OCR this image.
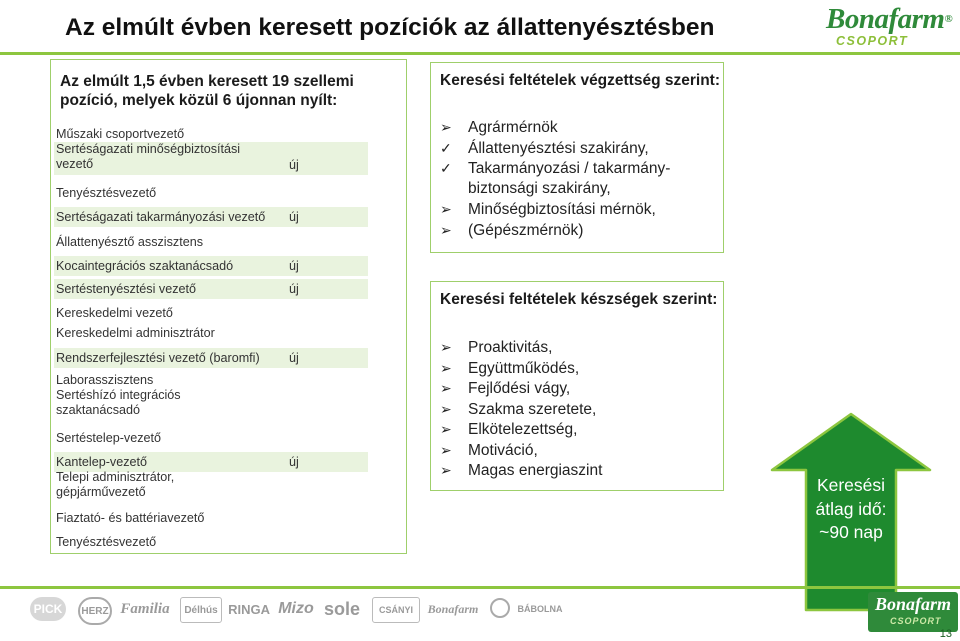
Az elmúlt évben keresett pozíciók az állattenyésztésben	Bonafarm®
CSOPORT
Az elmúlt 1,5 évben keresett 19 szellemi pozíció, melyek közül 6 újonnan nyílt:
Műszaki csoportvezető
Sertéságazati minőségbiztosítási
vezető	új
Tenyésztésvezető
Sertéságazati takarmányozási vezető új
Állattenyésztő asszisztens
Kocaintegrációs szaktanácsadó	új
Sertéstenyésztési vezető	új
Kereskedelmi vezető
Kereskedelmi adminisztrátor
Rendszerfejlesztési vezető (baromfi) új
Laborasszisztens
Sertéshízó integrációs
szaktanácsadó
Sertéstelep-vezető
Kantelep-vezető	új
Telepi adminisztrátor,
gépjárművezető
Fiaztató- és battériavezető
Tenyésztésvezető
Keresési feltételek végzettség szerint:
➢ Agrármérnök
✓ Állattenyésztési szakirány,
✓ Takarmányozási / takarmány-
biztonsági szakirány,
➢ Minőségbiztosítási mérnök,
➢ (Gépészmérnök)
Keresési feltételek készségek szerint:
➢ Proaktivitás,
➢ Együttműködés,
➢ Fejlődési vágy,
➢ Szakma szeretete,
➢ Elkötelezettség,
➢ Motiváció,
➢ Magas energiaszint
Keresési
átlag idő:
~90 nap
PICK	HERZ Familia	Délhús RINGA Mizo sole	CSÁNYI	Bonafarm	BÁBOLNA	Bonafarm
CSOPORT
13
